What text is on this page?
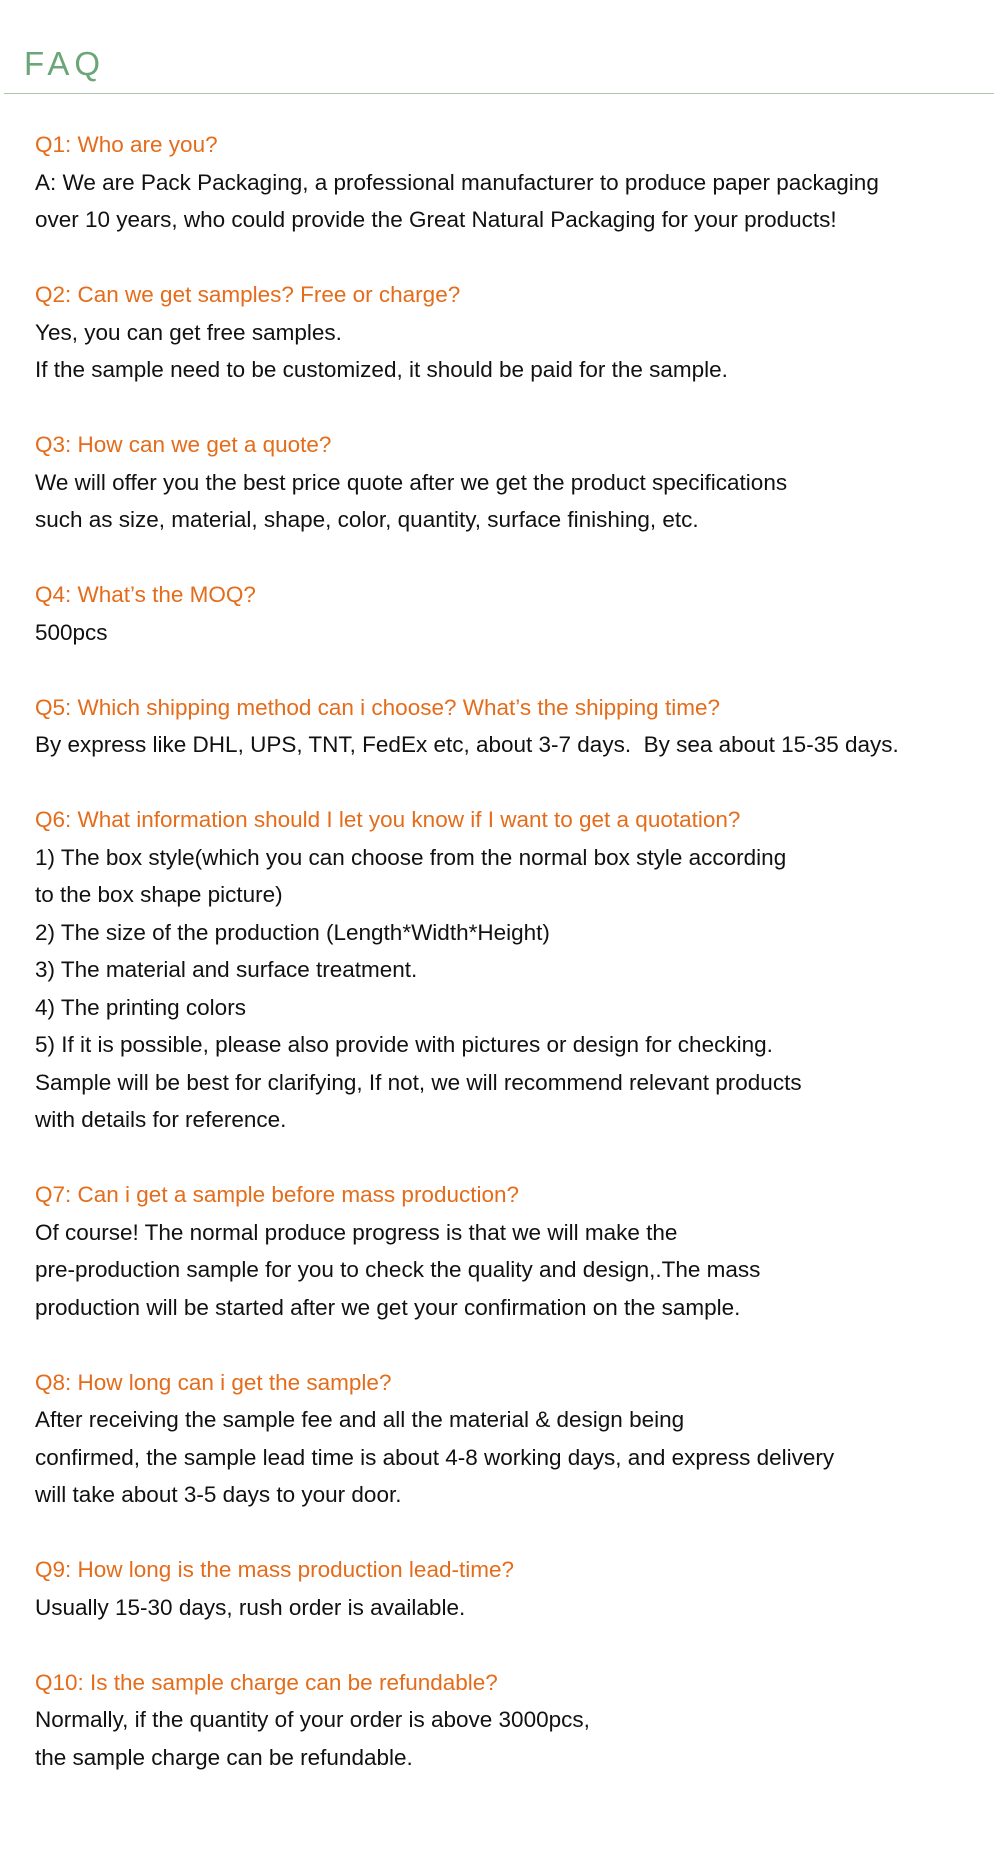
FAQ

Q1: Who are you?

A: We are Pack Packaging, a professional manufacturer to produce paper packaging

over 10 years, who could provide the Great Natural Packaging for your products!

Q2: Can we get samples? Free or charge?

Yes, you can get free samples.

If the sample need to be customized, it should be paid for the sample.

Q3: How can we get a quote?

We will offer you the best price quote after we get the product specifications

such as size, material, shape, color, quantity, surface finishing, etc.

Q4: What’s the MOQ?

500pcs

Q5: Which shipping method can i choose? What’s the shipping time?

By express like DHL, UPS, TNT, FedEx etc, about 3-7 days.  By sea about 15-35 days.

Q6: What information should I let you know if I want to get a quotation?

1) The box style(which you can choose from the normal box style according

to the box shape picture)

2) The size of the production (Length*Width*Height)

3) The material and surface treatment.

4) The printing colors

5) If it is possible, please also provide with pictures or design for checking.

Sample will be best for clarifying, If not, we will recommend relevant products

with details for reference.

Q7: Can i get a sample before mass production?

Of course! The normal produce progress is that we will make the

pre-production sample for you to check the quality and design,.The mass

production will be started after we get your confirmation on the sample.

Q8: How long can i get the sample?

After receiving the sample fee and all the material & design being

confirmed, the sample lead time is about 4-8 working days, and express delivery

will take about 3-5 days to your door.

Q9: How long is the mass production lead-time?

Usually 15-30 days, rush order is available.

Q10: Is the sample charge can be refundable?

Normally, if the quantity of your order is above 3000pcs,

the sample charge can be refundable.
